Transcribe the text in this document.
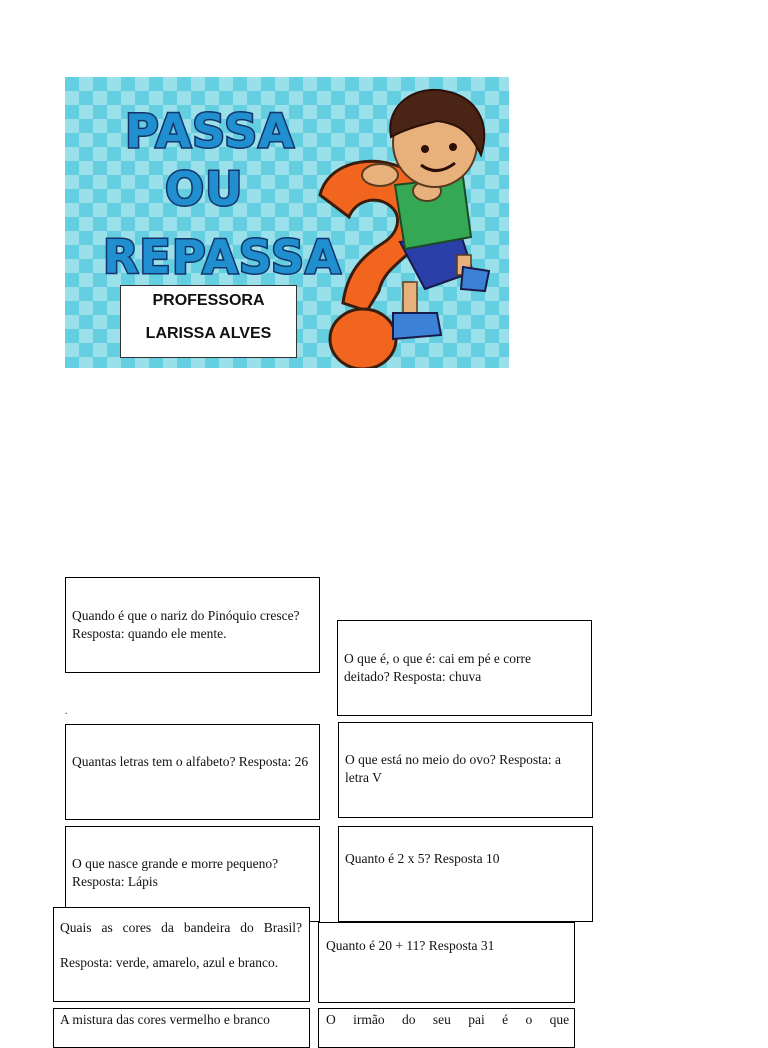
PASSA
OU
REPASSA
PROFESSORA
LARISSA ALVES
Quando é que o nariz do Pinóquio cresce? Resposta: quando ele mente.
O que é, o que é: cai em pé e corre deitado? Resposta: chuva
.
Quantas letras tem o alfabeto? Resposta: 26	O que está no meio do ovo? Resposta: a letra V
O que nasce grande e morre pequeno? Resposta: Lápis
Quanto é 2 x 5? Resposta 10
Quanto é 20 + 11? Resposta 31
Quais as cores da bandeira do Brasil? Resposta: verde, amarelo, azul e branco.
A mistura das cores vermelho e branco	O irmão do seu pai é o que
